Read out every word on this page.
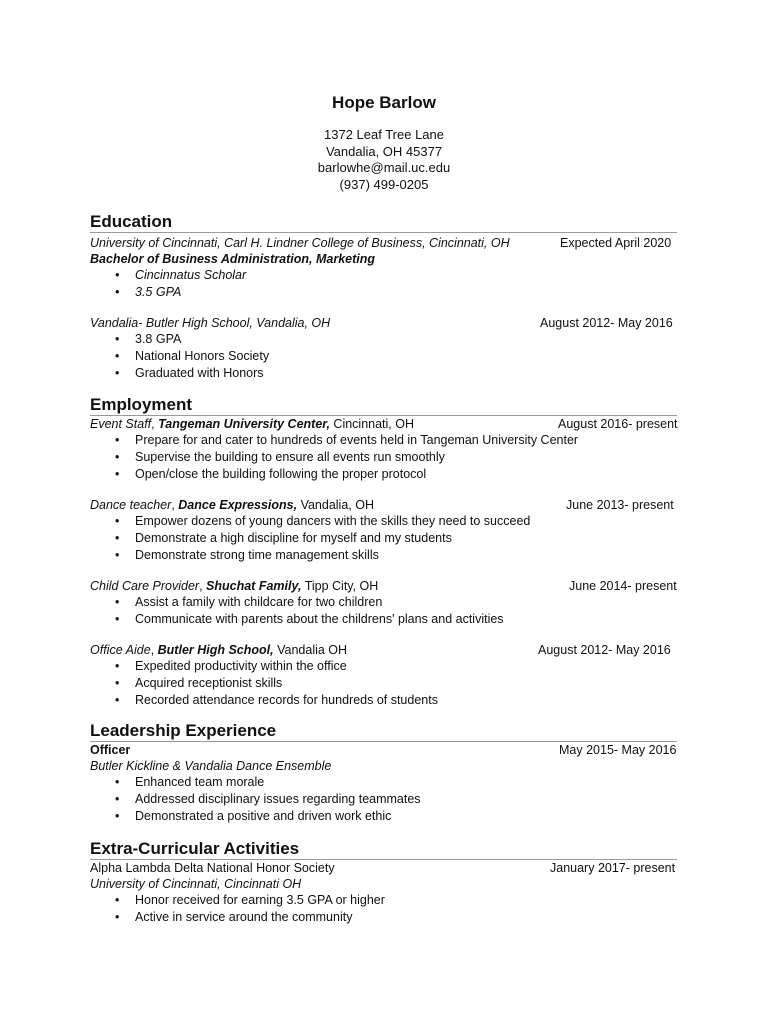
Hope Barlow
1372 Leaf Tree Lane
Vandalia, OH 45377
barlowhe@mail.uc.edu
(937) 499-0205
Education
University of Cincinnati, Carl H. Lindner College of Business, Cincinnati, OH	Expected April 2020
Bachelor of Business Administration, Marketing
• Cincinnatus Scholar
• 3.5 GPA
Vandalia- Butler High School, Vandalia, OH	August 2012- May 2016
• 3.8 GPA
• National Honors Society
• Graduated with Honors
Employment
Event Staff, Tangeman University Center, Cincinnati, OH	August 2016- present
• Prepare for and cater to hundreds of events held in Tangeman University Center
• Supervise the building to ensure all events run smoothly
• Open/close the building following the proper protocol
Dance teacher, Dance Expressions, Vandalia, OH	June 2013- present
• Empower dozens of young dancers with the skills they need to succeed
• Demonstrate a high discipline for myself and my students
• Demonstrate strong time management skills
Child Care Provider, Shuchat Family, Tipp City, OH	June 2014- present
• Assist a family with childcare for two children
• Communicate with parents about the childrens' plans and activities
Office Aide, Butler High School, Vandalia OH	August 2012- May 2016
• Expedited productivity within the office
• Acquired receptionist skills
• Recorded attendance records for hundreds of students
Leadership Experience
Officer	May 2015- May 2016
Butler Kickline & Vandalia Dance Ensemble
• Enhanced team morale
• Addressed disciplinary issues regarding teammates
• Demonstrated a positive and driven work ethic
Extra-Curricular Activities
Alpha Lambda Delta National Honor Society	January 2017- present
University of Cincinnati, Cincinnati OH
• Honor received for earning 3.5 GPA or higher
• Active in service around the community
